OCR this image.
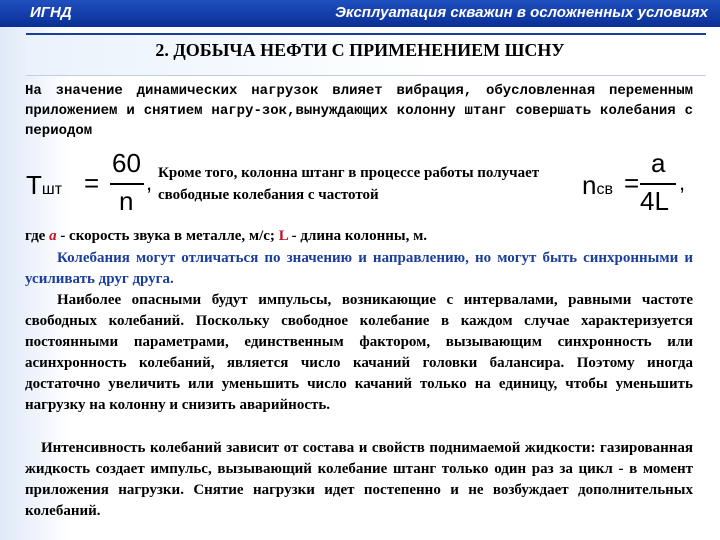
ИГНД	Эксплуатация скважин в осложненных условиях
2. ДОБЫЧА НЕФТИ С ПРИМЕНЕНИЕМ ШСНУ

На значение динамических нагрузок влияет вибрация, обусловленная переменным приложением и снятием нагру-зок,вынуждающих колонну штанг совершать колебания с периодом

Tшт =
60
n
, Кроме того, колонна штанг в процессе работы получает свободные колебания с частотой	nсв =
a
4L
,

где a - скорость звука в металле, м/с; L - длина колонны, м.

Колебания могут отличаться по значению и направлению, но могут быть синхронными и усиливать друг друга.

Наиболее опасными будут импульсы, возникающие с интервалами, равными частоте свободных колебаний. Поскольку свободное колебание в каждом случае характеризуется постоянными параметрами, единственным фактором, вызывающим синхронность или асинхронность колебаний, является число качаний головки балансира. Поэтому иногда достаточно увеличить или уменьшить число качаний только на единицу, чтобы уменьшить нагрузку на колонну и снизить аварийность.

Интенсивность колебаний зависит от состава и свойств поднимаемой жидкости: газированная жидкость создает импульс, вызывающий колебание штанг только один раз за цикл - в момент приложения нагрузки. Снятие нагрузки идет постепенно и не возбуждает дополнительных колебаний.
